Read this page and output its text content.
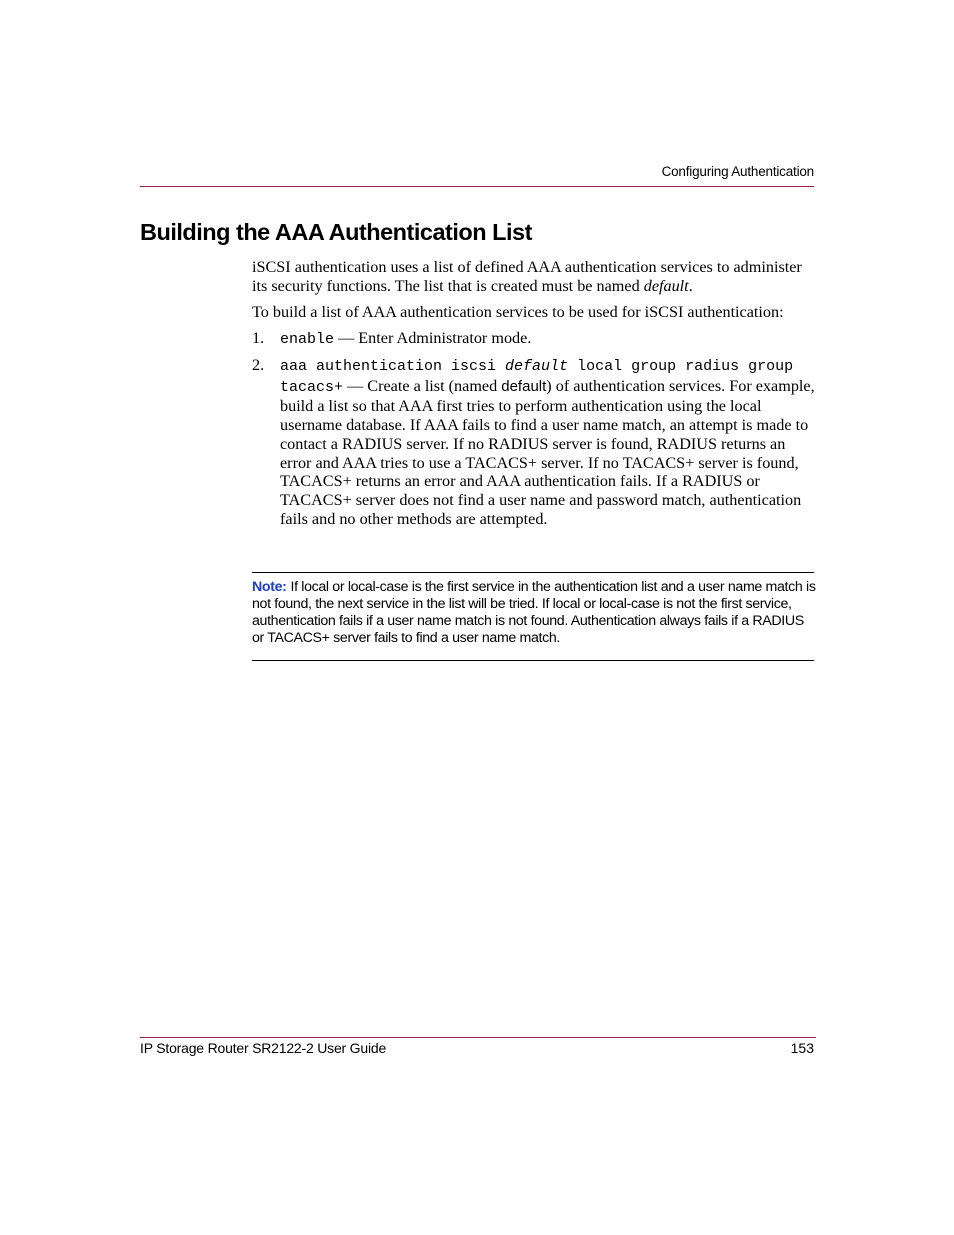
Configuring Authentication
Building the AAA Authentication List
iSCSI authentication uses a list of defined AAA authentication services to administer its security functions. The list that is created must be named default.
To build a list of AAA authentication services to be used for iSCSI authentication:
1. enable — Enter Administrator mode.
2. aaa authentication iscsi default local group radius group tacacs+ — Create a list (named default) of authentication services. For example, build a list so that AAA first tries to perform authentication using the local username database. If AAA fails to find a user name match, an attempt is made to contact a RADIUS server. If no RADIUS server is found, RADIUS returns an error and AAA tries to use a TACACS+ server. If no TACACS+ server is found, TACACS+ returns an error and AAA authentication fails. If a RADIUS or TACACS+ server does not find a user name and password match, authentication fails and no other methods are attempted.
Note: If local or local-case is the first service in the authentication list and a user name match is not found, the next service in the list will be tried. If local or local-case is not the first service, authentication fails if a user name match is not found. Authentication always fails if a RADIUS or TACACS+ server fails to find a user name match.
IP Storage Router SR2122-2 User Guide	153
